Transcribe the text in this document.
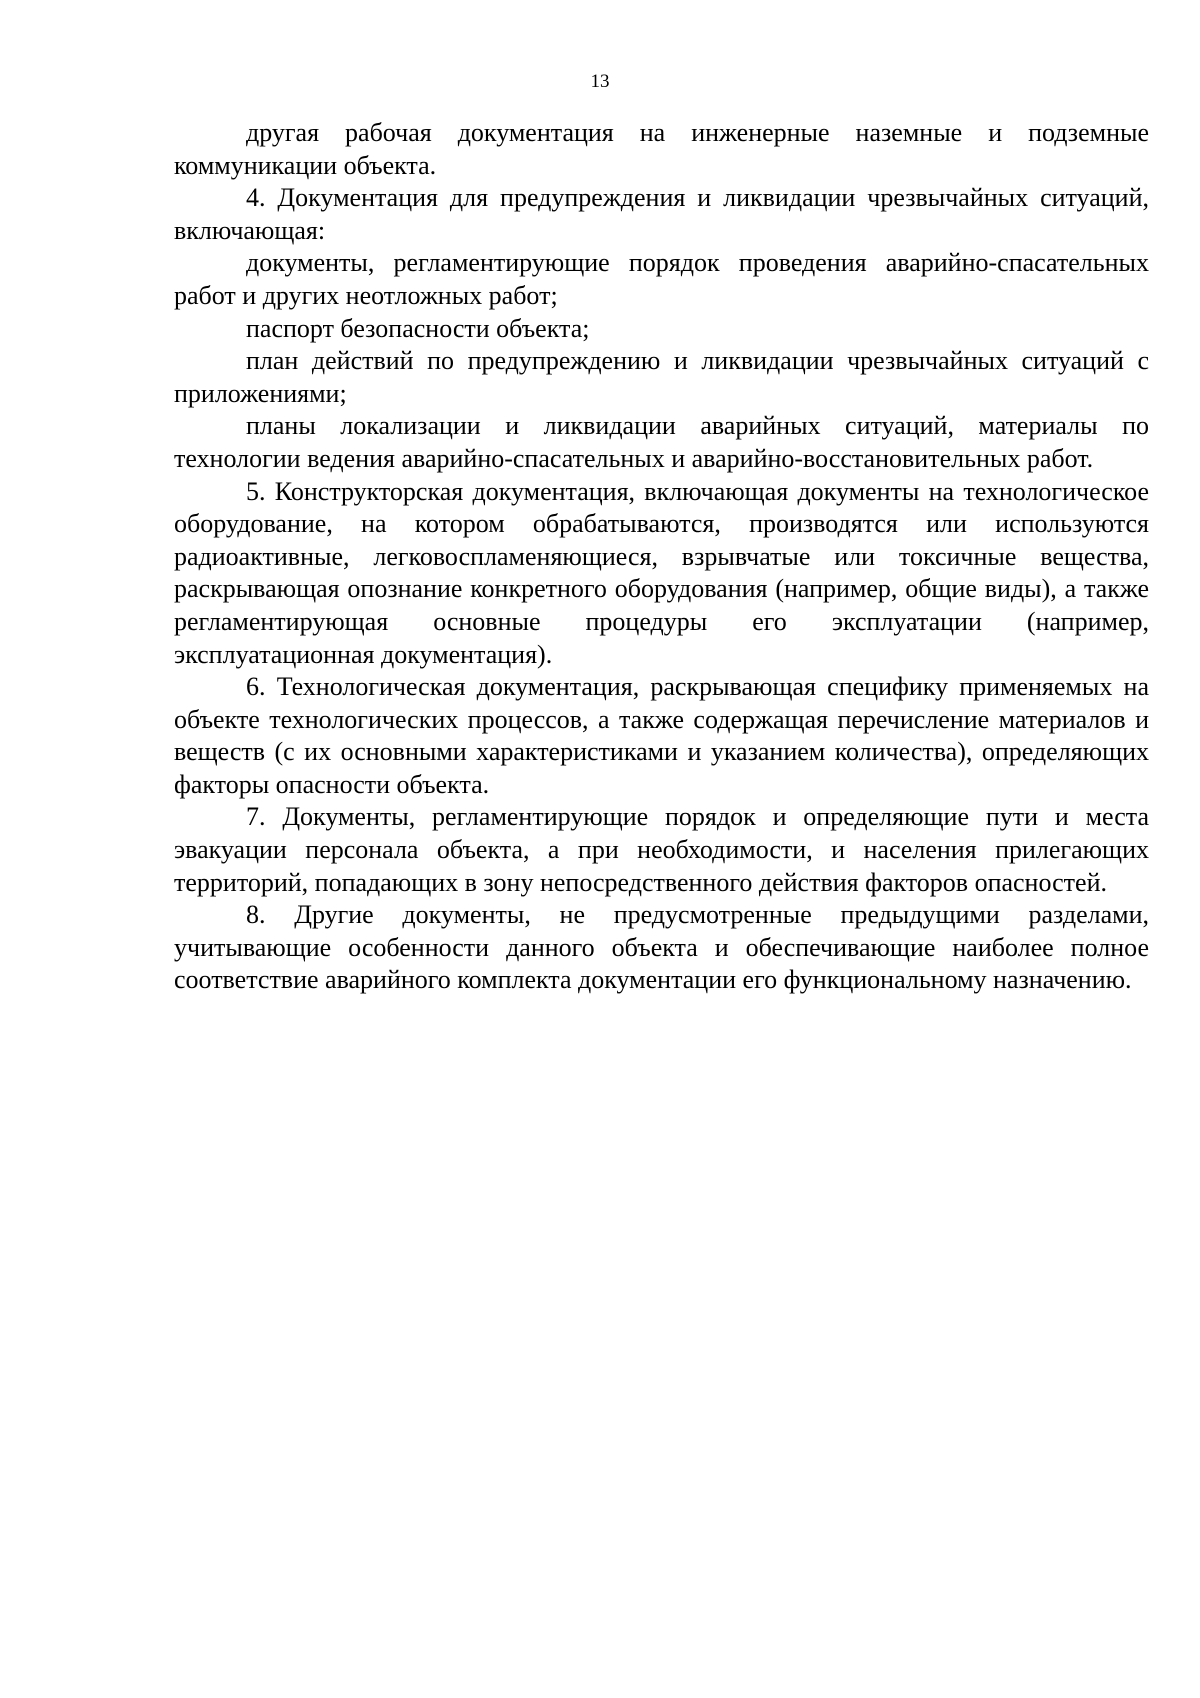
13

другая рабочая документация на инженерные наземные и подземные коммуникации объекта.

4. Документация для предупреждения и ликвидации чрезвычайных ситуаций, включающая:

документы, регламентирующие порядок проведения аварийно-спасательных работ и других неотложных работ;

паспорт безопасности объекта;

план действий по предупреждению и ликвидации чрезвычайных ситуаций с приложениями;

планы локализации и ликвидации аварийных ситуаций, материалы по технологии ведения аварийно-спасательных и аварийно-восстановительных работ.

5. Конструкторская документация, включающая документы на технологическое оборудование, на котором обрабатываются, производятся или используются радиоактивные, легковоспламеняющиеся, взрывчатые или токсичные вещества, раскрывающая опознание конкретного оборудования (например, общие виды), а также регламентирующая основные процедуры его эксплуатации (например, эксплуатационная документация).

6. Технологическая документация, раскрывающая специфику применяемых на объекте технологических процессов, а также содержащая перечисление материалов и веществ (с их основными характеристиками и указанием количества), определяющих факторы опасности объекта.

7. Документы, регламентирующие порядок и определяющие пути и места эвакуации персонала объекта, а при необходимости, и населения прилегающих территорий, попадающих в зону непосредственного действия факторов опасностей.

8. Другие документы, не предусмотренные предыдущими разделами, учитывающие особенности данного объекта и обеспечивающие наиболее полное соответствие аварийного комплекта документации его функциональному назначению.
